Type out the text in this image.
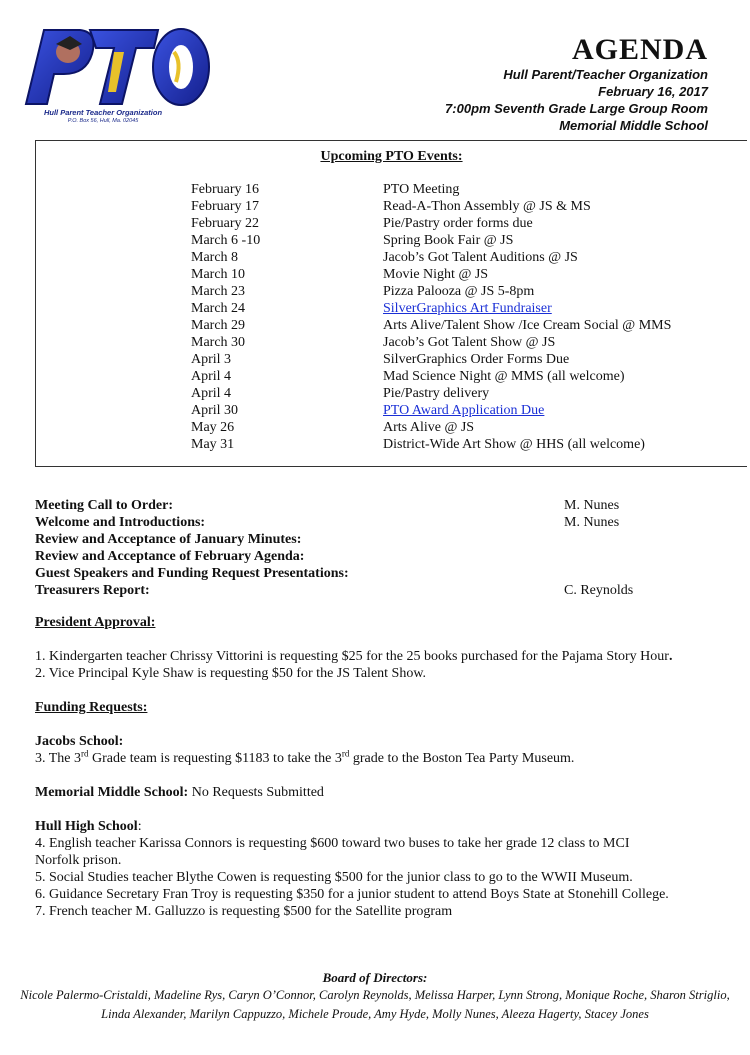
Hull Parent Teacher Organization
P.O. Box 56, Hull, Ma. 02045
AGENDA
Hull Parent/Teacher Organization
February 16, 2017
7:00pm Seventh Grade Large Group Room
Memorial Middle School
Upcoming PTO Events:
February 16	PTO Meeting
February 17	Read-A-Thon Assembly @ JS & MS
February 22	Pie/Pastry order forms due
March 6 -10	Spring Book Fair @ JS
March 8	Jacob’s Got Talent Auditions @ JS
March 10	Movie Night @ JS
March 23	Pizza Palooza @ JS 5-8pm
March 24	SilverGraphics Art Fundraiser
March 29	Arts Alive/Talent Show /Ice Cream Social @ MMS
March 30	Jacob’s Got Talent Show @ JS
April 3	SilverGraphics Order Forms Due
April 4	Mad Science Night @ MMS (all welcome)
April 4	Pie/Pastry delivery
April 30	PTO Award Application Due
May 26	Arts Alive @ JS
May 31	District-Wide Art Show @ HHS (all welcome)
Meeting Call to Order:	M. Nunes
Welcome and Introductions:	M. Nunes
Review and Acceptance of January Minutes:
Review and Acceptance of February Agenda:
Guest Speakers and Funding Request Presentations:
Treasurers Report:	C. Reynolds
President Approval:
1. Kindergarten teacher Chrissy Vittorini is requesting $25 for the 25 books purchased for the Pajama Story Hour.
2. Vice Principal Kyle Shaw is requesting $50 for the JS Talent Show.
Funding Requests:
Jacobs School:
3. The 3rd Grade team is requesting $1183 to take the 3rd grade to the Boston Tea Party Museum.
Memorial Middle School: No Requests Submitted
Hull High School:
4. English teacher Karissa Connors is requesting $600 toward two buses to take her grade 12 class to MCI
Norfolk prison.
5. Social Studies teacher Blythe Cowen is requesting $500 for the junior class to go to the WWII Museum.
6. Guidance Secretary Fran Troy is requesting $350 for a junior student to attend Boys State at Stonehill College.
7. French teacher M. Galluzzo is requesting $500 for the Satellite program
Board of Directors:
Nicole Palermo-Cristaldi, Madeline Rys, Caryn O’Connor, Carolyn Reynolds, Melissa Harper, Lynn Strong, Monique Roche, Sharon Striglio, Linda Alexander, Marilyn Cappuzzo, Michele Proude, Amy Hyde, Molly Nunes, Aleeza Hagerty, Stacey Jones
